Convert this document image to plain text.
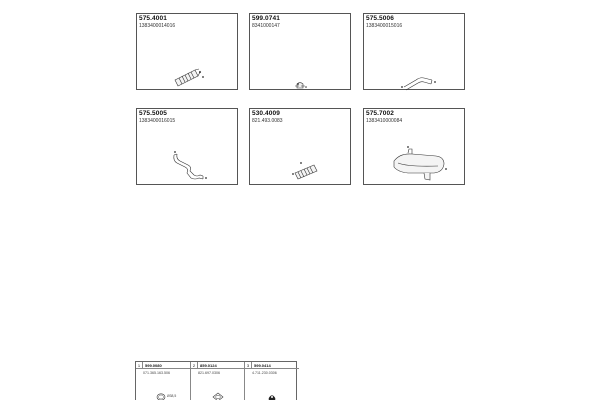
575.4001
1383400014016
599.0741
8341000147
575.5006
1383400015016
575.5005
1383400016015
530.4009
821.493.0083
575.7002
1383410000084
1	599.0080
071.365.163.506
Ø38,5
2	859.0124
821.697.0306
3	599.0414
4.711.230.0306
